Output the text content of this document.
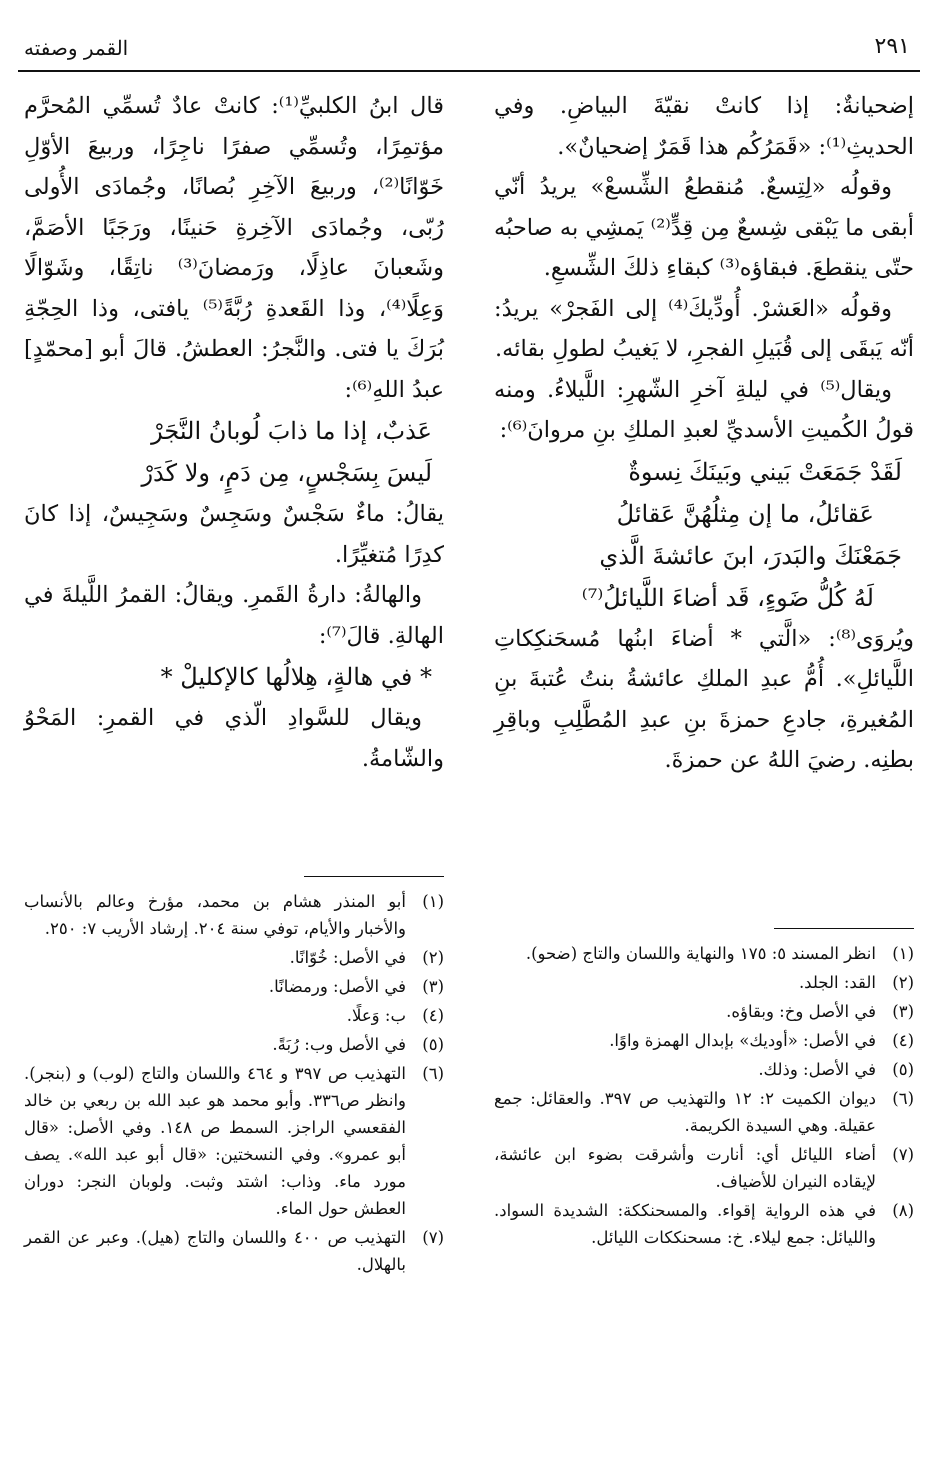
٢٩١
القمر وصفته

إضحيانةٌ: إذا كانتْ نقيّةَ البياضِ. وفي الحديثِ⁽¹⁾: «قَمَرُكُم هذا قَمَرٌ إضحيانٌ».

وقولُه «لِتِسعٌ. مُنقطعُ الشِّسعْ» يريدُ أنّي أبقى ما يَبْقى شِسعٌ مِن قِدٍّ⁽²⁾ يَمشِي به صاحبُه حتّى ينقطعَ. فبقاؤه⁽³⁾ كبقاءِ ذلكَ الشِّسعِ.

وقولُه «العَشرْ. أُودِّيكَ⁽⁴⁾ إلى الفَجرْ» يريدُ: أنّه يَبقَى إلى قُبَيلِ الفجرِ، لا يَغيبُ لطولِ بقائه.

ويقال⁽⁵⁾ في ليلةِ آخرِ الشّهرِ: اللَّيلاءُ. ومنه قولُ الكُميتِ الأسديِّ لعبدِ الملكِ بنِ مروانَ⁽⁶⁾:

لَقَدْ جَمَعَتْ بَيني وبَينَكَ نِسوةٌ

عَقائلُ، ما إن مِثلُهُنَّ عَقائلُ

جَمَعْنَكَ والبَدرَ، ابنَ عائشةَ الَّذي

لَهُ كُلُّ ضَوءٍ، قَد أضاءَ اللَّيائلُ⁽⁷⁾

ويُروَى⁽⁸⁾: «الَّتي * أضاءَ ابنُها مُسحَنكِكاتِ اللَّيائلِ». أُمُّ عبدِ الملكِ عائشةُ بنتُ عُتبةَ بنِ المُغيرةِ، جادعِ حمزةَ بنِ عبدِ المُطَّلِبِ وباقِرِ بطنِه. رضيَ اللهُ عن حمزةَ.

قال ابنُ الكلبيِّ⁽¹⁾: كانتْ عادٌ تُسمِّي المُحرَّم مؤتمِرًا، وتُسمِّي صفرًا ناجِرًا، وربيعَ الأوّلِ خَوّانًا⁽²⁾، وربيعَ الآخِرِ بُصانًا، وجُمادَى الأُولى رُبّى، وجُمادَى الآخِرةِ حَنينًا، ورَجَبًا الأصَمَّ، وشَعبانَ عاذِلًا، ورَمضانَ⁽³⁾ ناتِقًا، وشَوّالًا وَعِلًا⁽⁴⁾، وذا القَعدةِ رُبَّةً⁽⁵⁾ يافتى، وذا الحِجّةِ بُرَكَ يا فتى. والنَّجرُ: العطشُ. قالَ أبو [محمّدٍ] عبدُ اللهِ⁽⁶⁾:

عَذبٌ، إذا ما ذابَ لُوبانُ النَّجَرْ

لَيسَ بِسَجْسٍ، مِن دَمٍ، ولا كَدَرْ

يقالُ: ماءٌ سَجْسٌ وسَجِسٌ وسَجِيسٌ، إذا كانَ كدِرًا مُتغيِّرًا.

والهالةُ: دارةُ القَمرِ. ويقالُ: القمرُ اللَّيلةَ في الهالةِ. قالَ⁽⁷⁾:

* في هالةٍ، هِلالُها كالإكليلْ *

ويقال للسَّوادِ الّذي في القمرِ: المَحْوُ والشّامةُ.

(١)
انظر المسند ٥: ١٧٥ والنهاية واللسان والتاج (ضحو).
(٢)
القد: الجلد.
(٣)
في الأصل وخ: وبقاؤه.
(٤)
في الأصل: «أوديك» بإبدال الهمزة واوًا.
(٥)
في الأصل: وذلك.
(٦)
ديوان الكميت ٢: ١٢ والتهذيب ص ٣٩٧. والعقائل: جمع عقيلة. وهي السيدة الكريمة.
(٧)
أضاء الليائل أي: أنارت وأشرقت بضوء ابن عائشة، لإيقاده النيران للأضياف.
(٨)
في هذه الرواية إقواء. والمسحنككة: الشديدة السواد. والليائل: جمع ليلاء. خ: مسحنككات الليائل.
(١)
أبو المنذر هشام بن محمد، مؤرخ وعالم بالأنساب والأخبار والأيام، توفي سنة ٢٠٤. إرشاد الأريب ٧: ٢٥٠.
(٢)
في الأصل: خُوّانًا.
(٣)
في الأصل: ورمضانًا.
(٤)
ب: وَعلًا.
(٥)
في الأصل وب: رُبَةً.
(٦)
التهذيب ص ٣٩٧ و ٤٦٤ واللسان والتاج (لوب) و (بنجر). وانظر ص٣٣٦. وأبو محمد هو عبد الله بن ربعي بن خالد الفقعسي الراجز. السمط ص ١٤٨. وفي الأصل: «قال أبو عمرو». وفي النسختين: «قال أبو عبد الله». يصف مورد ماء. وذاب: اشتد وثبت. ولوبان النجر: دوران العطش حول الماء.
(٧)
التهذيب ص ٤٠٠ واللسان والتاج (هيل). وعبر عن القمر بالهلال.
